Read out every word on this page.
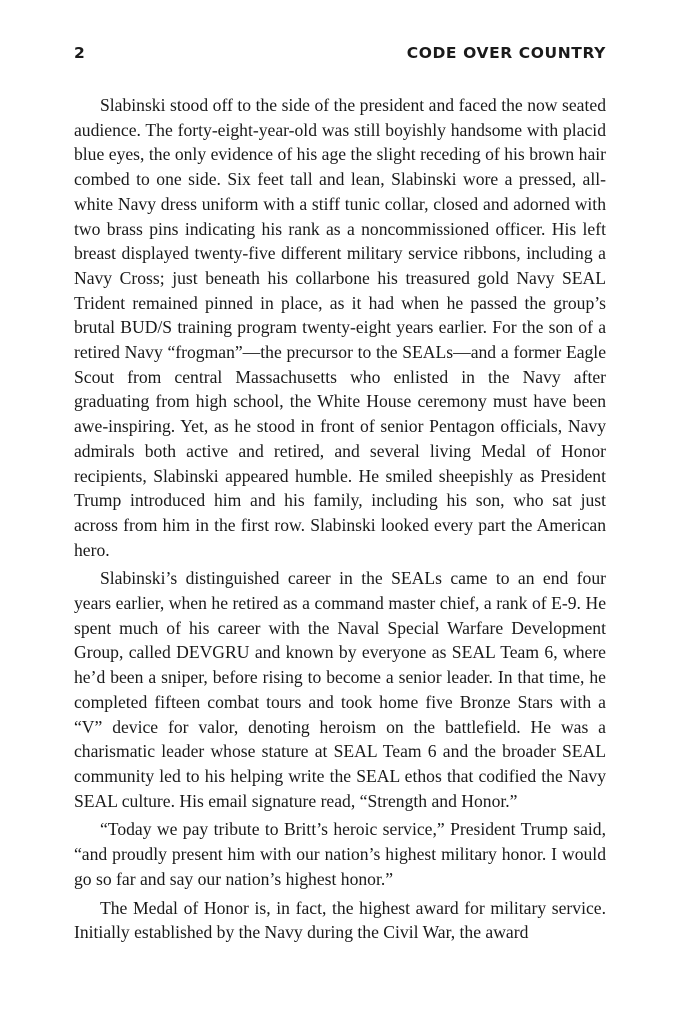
2	CODE OVER COUNTRY

Slabinski stood off to the side of the president and faced the now seated audience. The forty-eight-year-old was still boyishly handsome with placid blue eyes, the only evidence of his age the slight receding of his brown hair combed to one side. Six feet tall and lean, Slabinski wore a pressed, all-white Navy dress uniform with a stiff tunic collar, closed and adorned with two brass pins indicating his rank as a noncommissioned officer. His left breast displayed twenty-five different military service ribbons, including a Navy Cross; just beneath his collarbone his treasured gold Navy SEAL Trident remained pinned in place, as it had when he passed the group’s brutal BUD/S training program twenty-eight years earlier. For the son of a retired Navy “frogman”—the precursor to the SEALs—and a former Eagle Scout from central Massachusetts who enlisted in the Navy after graduating from high school, the White House ceremony must have been awe-inspiring. Yet, as he stood in front of senior Pentagon officials, Navy admirals both active and retired, and several living Medal of Honor recipients, Slabinski appeared humble. He smiled sheepishly as President Trump introduced him and his family, including his son, who sat just across from him in the first row. Slabinski looked every part the American hero.

Slabinski’s distinguished career in the SEALs came to an end four years earlier, when he retired as a command master chief, a rank of E-9. He spent much of his career with the Naval Special Warfare Development Group, called DEVGRU and known by everyone as SEAL Team 6, where he’d been a sniper, before rising to become a senior leader. In that time, he completed fifteen combat tours and took home five Bronze Stars with a “V” device for valor, denoting heroism on the battlefield. He was a charismatic leader whose stature at SEAL Team 6 and the broader SEAL community led to his helping write the SEAL ethos that codified the Navy SEAL culture. His email signature read, “Strength and Honor.”

“Today we pay tribute to Britt’s heroic service,” President Trump said, “and proudly present him with our nation’s highest military honor. I would go so far and say our nation’s highest honor.”

The Medal of Honor is, in fact, the highest award for military service. Initially established by the Navy during the Civil War, the award
